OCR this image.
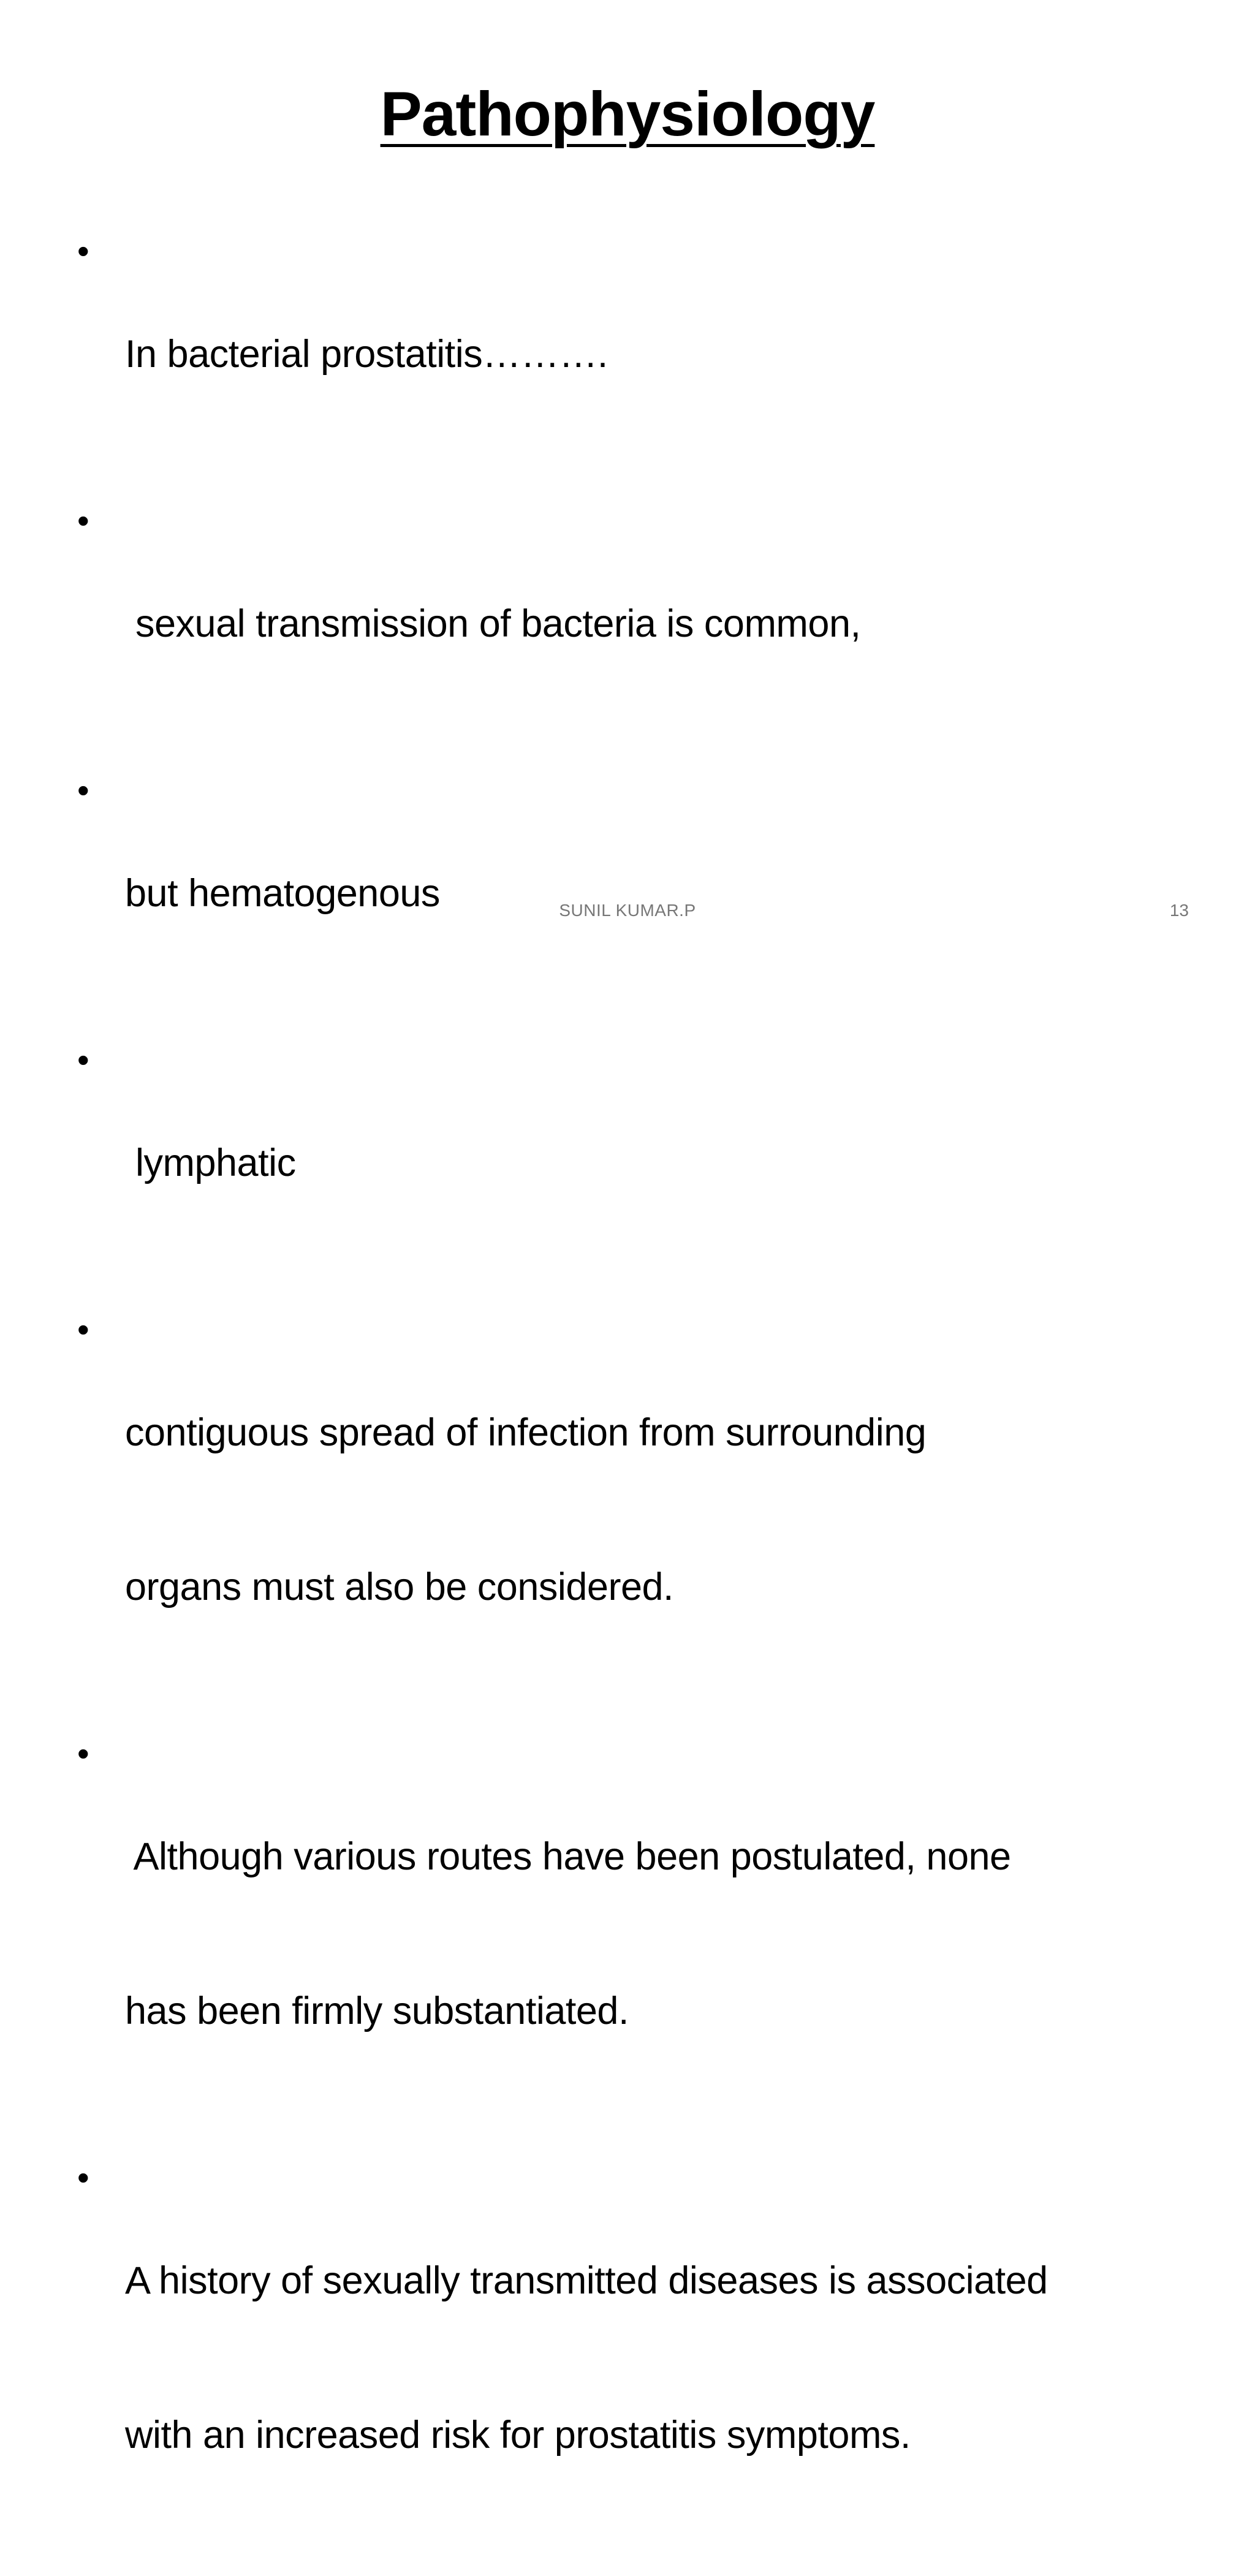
Pathophysiology
•

In bacterial prostatitis……….

•

sexual transmission of bacteria is common,

•

but hematogenous

•

lymphatic

•

contiguous spread of infection from surrounding

organs must also be considered.

•

Although various routes have been postulated, none

has been firmly substantiated.

•

A history of sexually transmitted diseases is associated

with an increased risk for prostatitis symptoms.

SUNIL KUMAR.P	13
